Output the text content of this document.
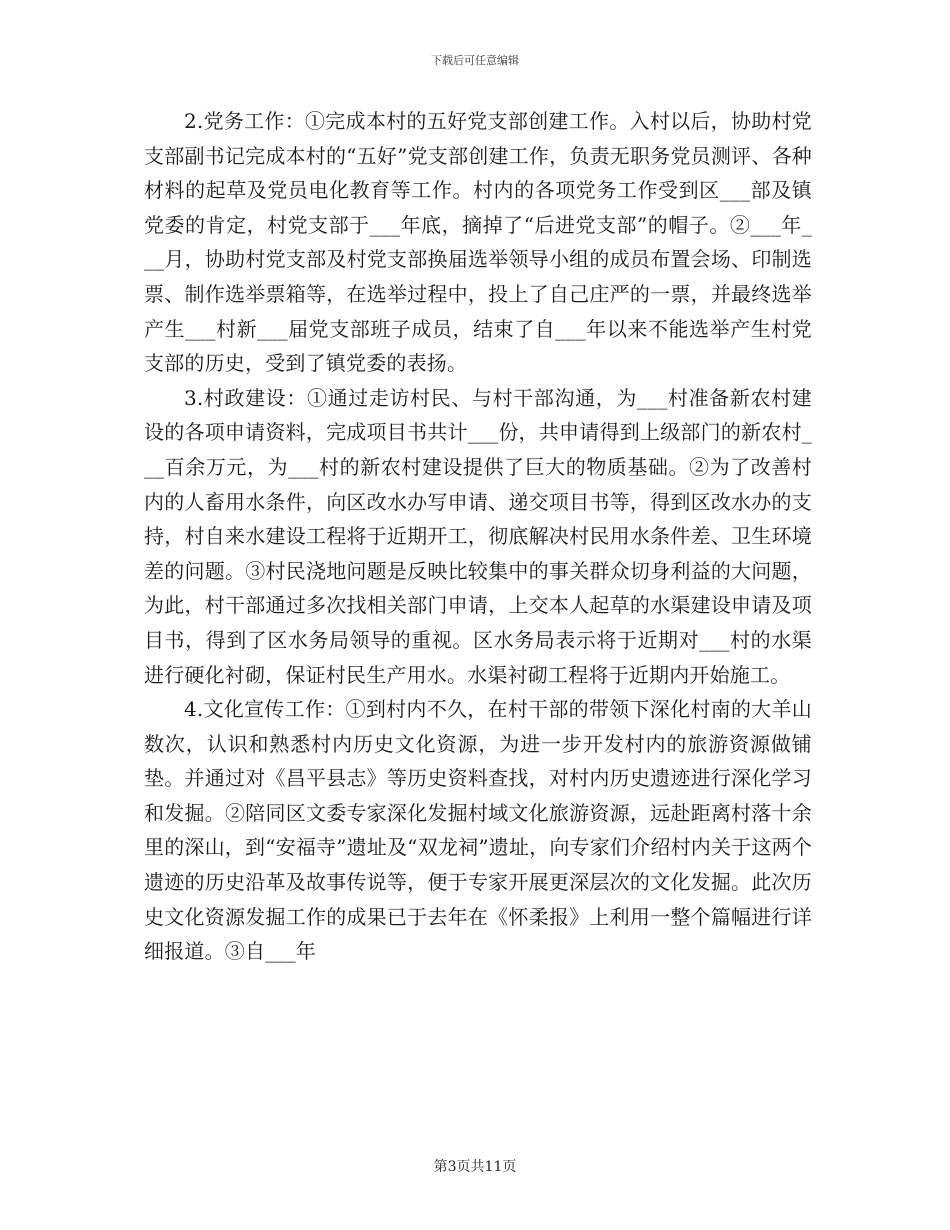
下载后可任意编辑

2.党务工作：①完成本村的五好党支部创建工作。入村以后，协助村党支部副书记完成本村的“五好”党支部创建工作，负责无职务党员测评、各种材料的起草及党员电化教育等工作。村内的各项党务工作受到区___部及镇党委的肯定，村党支部于___年底，摘掉了“后进党支部”的帽子。②___年___月，协助村党支部及村党支部换届选举领导小组的成员布置会场、印制选票、制作选举票箱等，在选举过程中，投上了自己庄严的一票，并最终选举产生___村新___届党支部班子成员，结束了自___年以来不能选举产生村党支部的历史，受到了镇党委的表扬。

3.村政建设：①通过走访村民、与村干部沟通，为___村准备新农村建设的各项申请资料，完成项目书共计___份，共申请得到上级部门的新农村___百余万元，为___村的新农村建设提供了巨大的物质基础。②为了改善村内的人畜用水条件，向区改水办写申请、递交项目书等，得到区改水办的支持，村自来水建设工程将于近期开工，彻底解决村民用水条件差、卫生环境差的问题。③村民浇地问题是反映比较集中的事关群众切身利益的大问题，为此，村干部通过多次找相关部门申请，上交本人起草的水渠建设申请及项目书，得到了区水务局领导的重视。区水务局表示将于近期对___村的水渠进行硬化衬砌，保证村民生产用水。水渠衬砌工程将于近期内开始施工。

4.文化宣传工作：①到村内不久，在村干部的带领下深化村南的大羊山数次，认识和熟悉村内历史文化资源，为进一步开发村内的旅游资源做铺垫。并通过对《昌平县志》等历史资料查找，对村内历史遗迹进行深化学习和发掘。②陪同区文委专家深化发掘村域文化旅游资源，远赴距离村落十余里的深山，到“安福寺”遗址及“双龙祠”遗址，向专家们介绍村内关于这两个遗迹的历史沿革及故事传说等，便于专家开展更深层次的文化发掘。此次历史文化资源发掘工作的成果已于去年在《怀柔报》上利用一整个篇幅进行详细报道。③自___年

第3页共11页
